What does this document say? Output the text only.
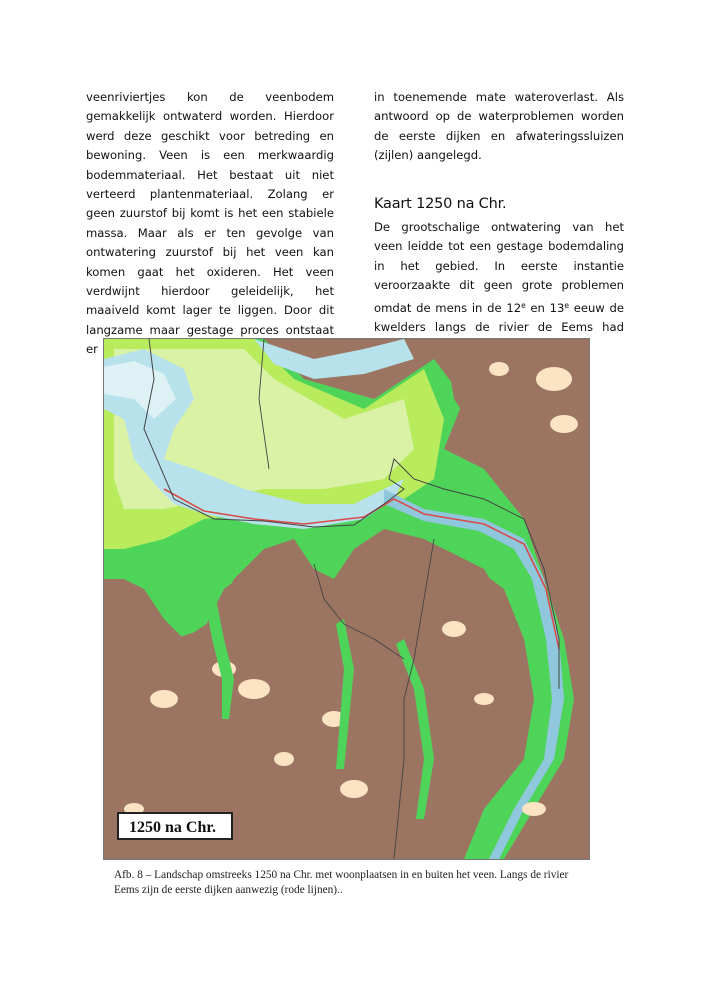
veenriviertjes kon de veenbodem gemakkelijk ontwaterd worden. Hierdoor werd deze geschikt voor betreding en bewoning. Veen is een merkwaardig bodemmateriaal. Het bestaat uit niet verteerd plantenmateriaal. Zolang er geen zuurstof bij komt is het een stabiele massa. Maar als er ten gevolge van ontwatering zuurstof bij het veen kan komen gaat het oxideren. Het veen verdwijnt hierdoor geleidelijk, het maaiveld komt lager te liggen. Door dit langzame maar gestage proces ontstaat er

in toenemende mate wateroverlast. Als antwoord op de waterproblemen worden de eerste dijken en afwateringssluizen (zijlen) aangelegd.

Kaart 1250 na Chr.

De grootschalige ontwatering van het veen leidde tot een gestage bodemdaling in het gebied. In eerste instantie veroorzaakte dit geen grote problemen omdat de mens in de 12e en 13e eeuw de kwelders langs de rivier de Eems had

1250 na Chr.
Afb. 8 – Landschap omstreeks 1250 na Chr. met woonplaatsen in en buiten het veen. Langs de rivier Eems zijn de eerste dijken aanwezig (rode lijnen)..
